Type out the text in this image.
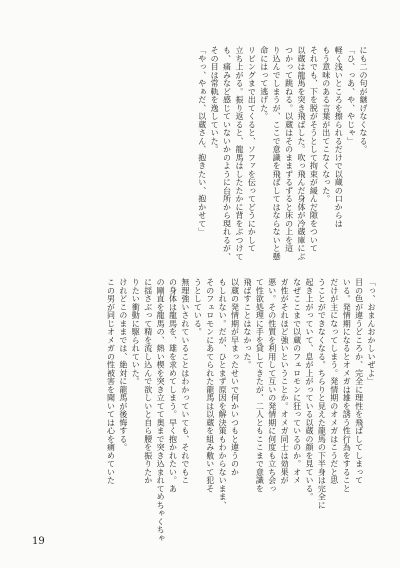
にも二の句が継げなくなる。
「ひ、っあ、や、やじゃ」
軽く浅いところを擦られるだけで以蔵の口からは
もう意味のある言葉が出てこなくなった。
それでも、下を脱がそうとして拘束が緩んだ隙をついて
以蔵は龍馬を突き飛ばした。吹っ飛んだ身体が冷蔵庫にぶ
つかって跳ねる。以蔵はそのままずるずると床の上を這
り込んでしまうが、ここで意識を飛ばしてはならないと懸
命にはって逃げた。
リビングまで出てくると、ソファを伝ってどうにかして
立ち上がる。振り返ると、龍馬はしたたかに背をぶつけて
も、痛みなど感じていないかのように台所から現れるが、
その目は常軌を逸していた。
「やっ、やぁだ、以蔵さん、抱きたい、抱かせて」
「っ、おまんおかしいぜよ」
目の色が違うどころか、完全に理性を飛ばしてしまって
いる。発情期になるとオメガは雄を誘う性行為をすること
だけが主になってしまう。発情期のオメガはこうだと思
うことができなくなる。ちらりと見えた龍馬の下半身は完全に
起き上がっていて、息が上がっている以蔵の顔を見ている。
なぜここまで以蔵のフェロモンに狂っているのか。オメ
ガ性がそれほど強いということか。オメガ同士は効果が
悪い。その性質を利用して互いの発情期に何度も立ち会っ
て性欲処理に手を貸してきたが、二人ともここまで意識を
飛ばすことはなかった。
以蔵の発情期が早まったせいで何かいつもと違うのか
もしれない。だが、ひとまず原因を解決策もわからないまま、
そのフェロモンにあてられた龍馬は以蔵を組み敷いて犯そ
うとしている。
無理強いされていることはわかっていても、それでもこ
の身体は龍馬を、雄を求めてしまう。早く抱かれたい。あ
の剛直を龍馬の、熱い楔を突き立てて奥まで突き込まれてめちゃくちゃ
に揺さぶって精を流し込んで欲しいと自ら腰を振りたか
りたい衝動に駆られていた。
けれどこのままでは、絶対に龍馬が後悔する。
この男が同じオメガの性被害を聞いては心を痛めていた
19
